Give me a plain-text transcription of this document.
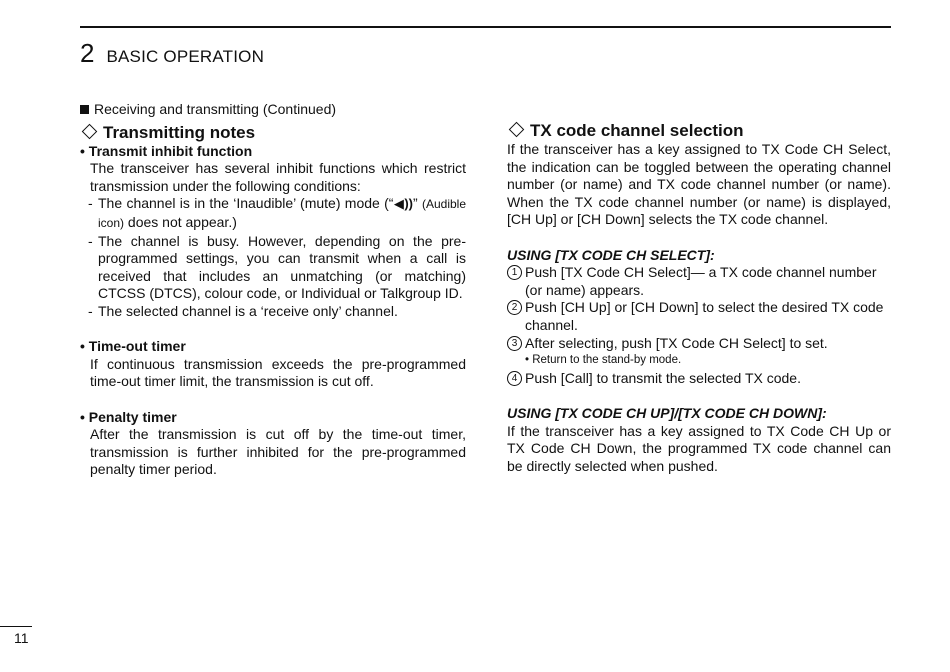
2 BASIC OPERATION
Receiving and transmitting (Continued)
Transmitting notes
• Transmit inhibit function
The transceiver has several inhibit functions which restrict transmission under the following conditions:
- The channel is in the ‘Inaudible’ (mute) mode (“◀))” (Audible icon) does not appear.)
- The channel is busy. However, depending on the pre-programmed settings, you can transmit when a call is received that includes an unmatching (or matching) CTCSS (DTCS), colour code, or Individual or Talkgroup ID.
- The selected channel is a ‘receive only’ channel.
• Time-out timer
If continuous transmission exceeds the pre-programmed time-out timer limit, the transmission is cut off.
• Penalty timer
After the transmission is cut off by the time-out timer, transmission is further inhibited for the pre-programmed penalty timer period.
TX code channel selection
If the transceiver has a key assigned to TX Code CH Select, the indication can be toggled between the operating channel number (or name) and TX code channel number (or name). When the TX code channel number (or name) is displayed, [CH Up] or [CH Down] selects the TX code channel.
USING [TX CODE CH SELECT]:
1 Push [TX Code CH Select]— a TX code channel number (or name) appears.
2 Push [CH Up] or [CH Down] to select the desired TX code channel.
3 After selecting, push [TX Code CH Select] to set.
• Return to the stand-by mode.
4 Push [Call] to transmit the selected TX code.
USING [TX CODE CH UP]/[TX CODE CH DOWN]:
If the transceiver has a key assigned to TX Code CH Up or TX Code CH Down, the programmed TX code channel can be directly selected when pushed.
11
